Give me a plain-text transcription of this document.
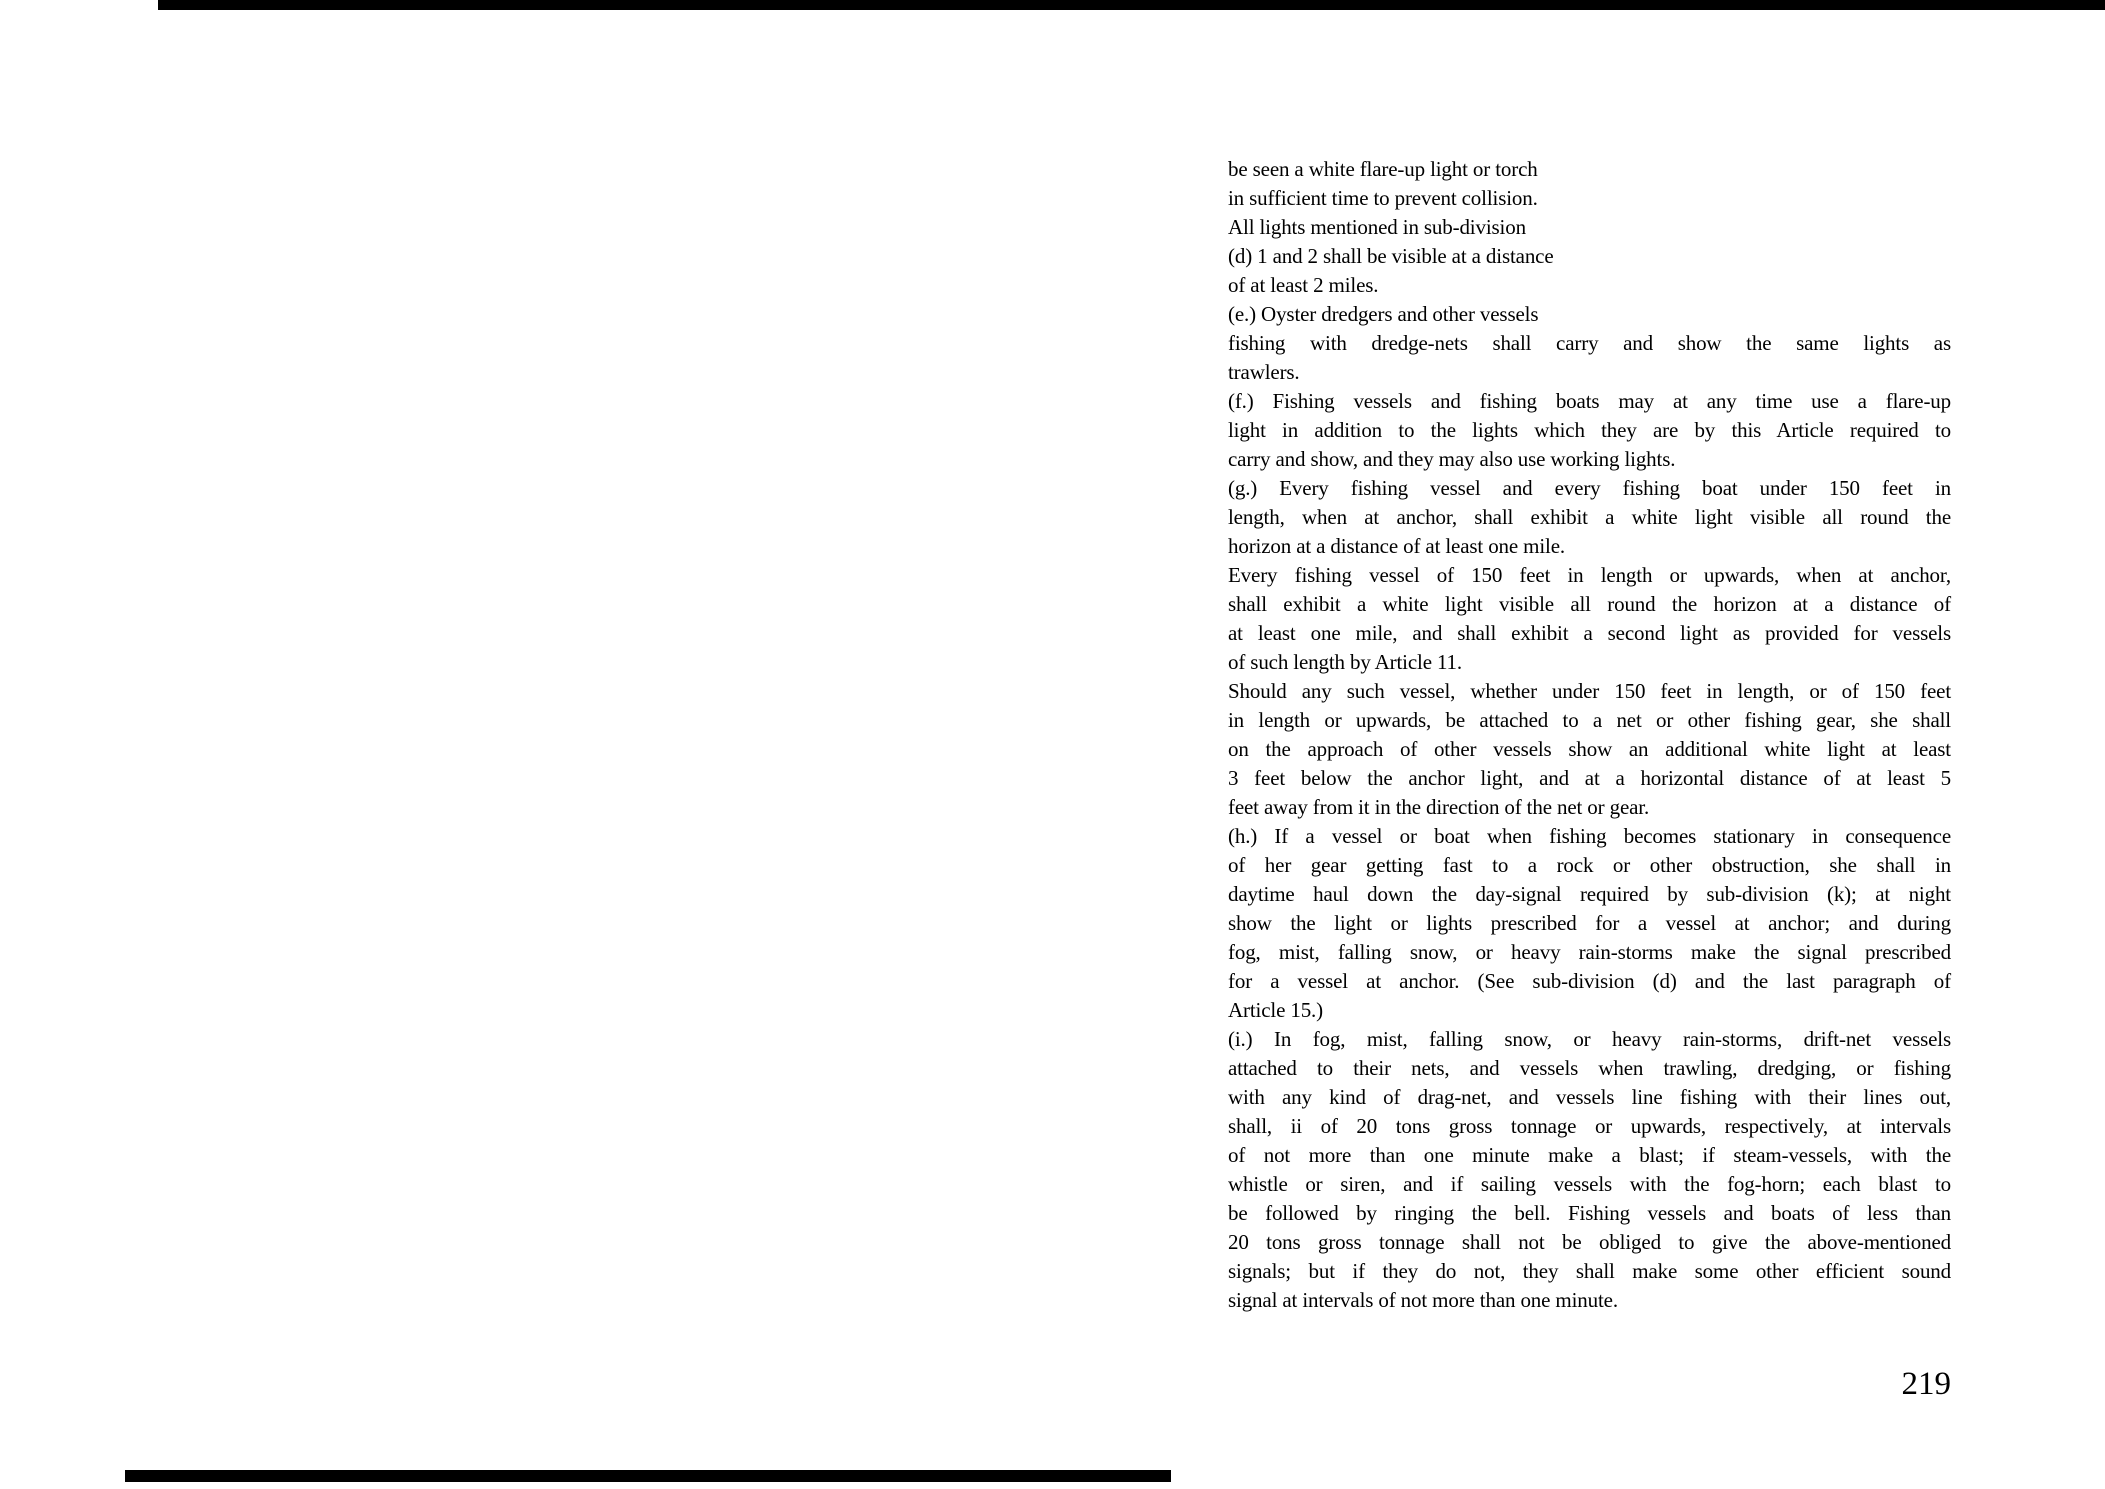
be seen a white flare-up light or torch
in sufficient time to prevent collision.
All lights mentioned in sub-division
(d) 1 and 2 shall be visible at a distance
of at least 2 miles.
(e.) Oyster dredgers and other vessels
fishing with dredge-nets shall carry and show the same lights as
trawlers.
(f.) Fishing vessels and fishing boats may at any time use a flare-up
light in addition to the lights which they are by this Article required to
carry and show, and they may also use working lights.
(g.) Every fishing vessel and every fishing boat under 150 feet in
length, when at anchor, shall exhibit a white light visible all round the
horizon at a distance of at least one mile.
Every fishing vessel of 150 feet in length or upwards, when at anchor,
shall exhibit a white light visible all round the horizon at a distance of
at least one mile, and shall exhibit a second light as provided for vessels
of such length by Article 11.
Should any such vessel, whether under 150 feet in length, or of 150 feet
in length or upwards, be attached to a net or other fishing gear, she shall
on the approach of other vessels show an additional white light at least
3 feet below the anchor light, and at a horizontal distance of at least 5
feet away from it in the direction of the net or gear.
(h.) If a vessel or boat when fishing becomes stationary in consequence
of her gear getting fast to a rock or other obstruction, she shall in
daytime haul down the day-signal required by sub-division (k); at night
show the light or lights prescribed for a vessel at anchor; and during
fog, mist, falling snow, or heavy rain-storms make the signal prescribed
for a vessel at anchor. (See sub-division (d) and the last paragraph of
Article 15.)
(i.) In fog, mist, falling snow, or heavy rain-storms, drift-net vessels
attached to their nets, and vessels when trawling, dredging, or fishing
with any kind of drag-net, and vessels line fishing with their lines out,
shall, ii of 20 tons gross tonnage or upwards, respectively, at intervals
of not more than one minute make a blast; if steam-vessels, with the
whistle or siren, and if sailing vessels with the fog-horn; each blast to
be followed by ringing the bell. Fishing vessels and boats of less than
20 tons gross tonnage shall not be obliged to give the above-mentioned
signals; but if they do not, they shall make some other efficient sound
signal at intervals of not more than one minute.
219
